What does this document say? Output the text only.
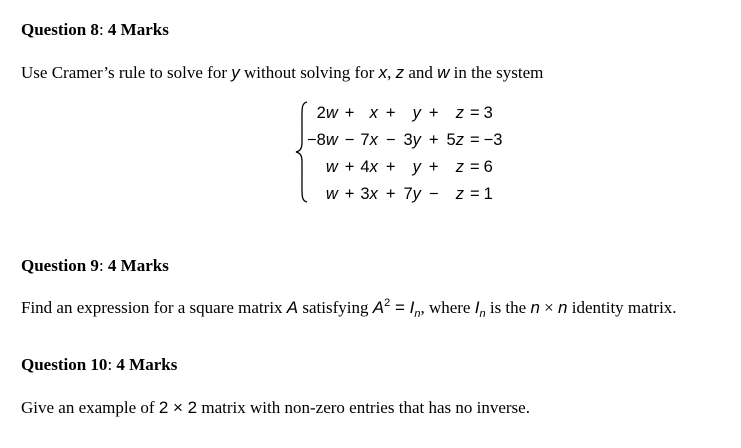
Question 8: 4 Marks
Use Cramer’s rule to solve for y without solving for x, z and w in the system
2w	+	x	+	y	+	z	=	3
−8w	−	7x	−	3y	+	5z	=	−3
w	+	4x	+	y	+	z	=	6
w	+	3x	+	7y	−	z	=	1
Question 9: 4 Marks
Find an expression for a square matrix A satisfying $A^2 = I_n$, where $I_n$ is the n × n identity matrix.
Question 10: 4 Marks
Give an example of 2 × 2 matrix with non-zero entries that has no inverse.
